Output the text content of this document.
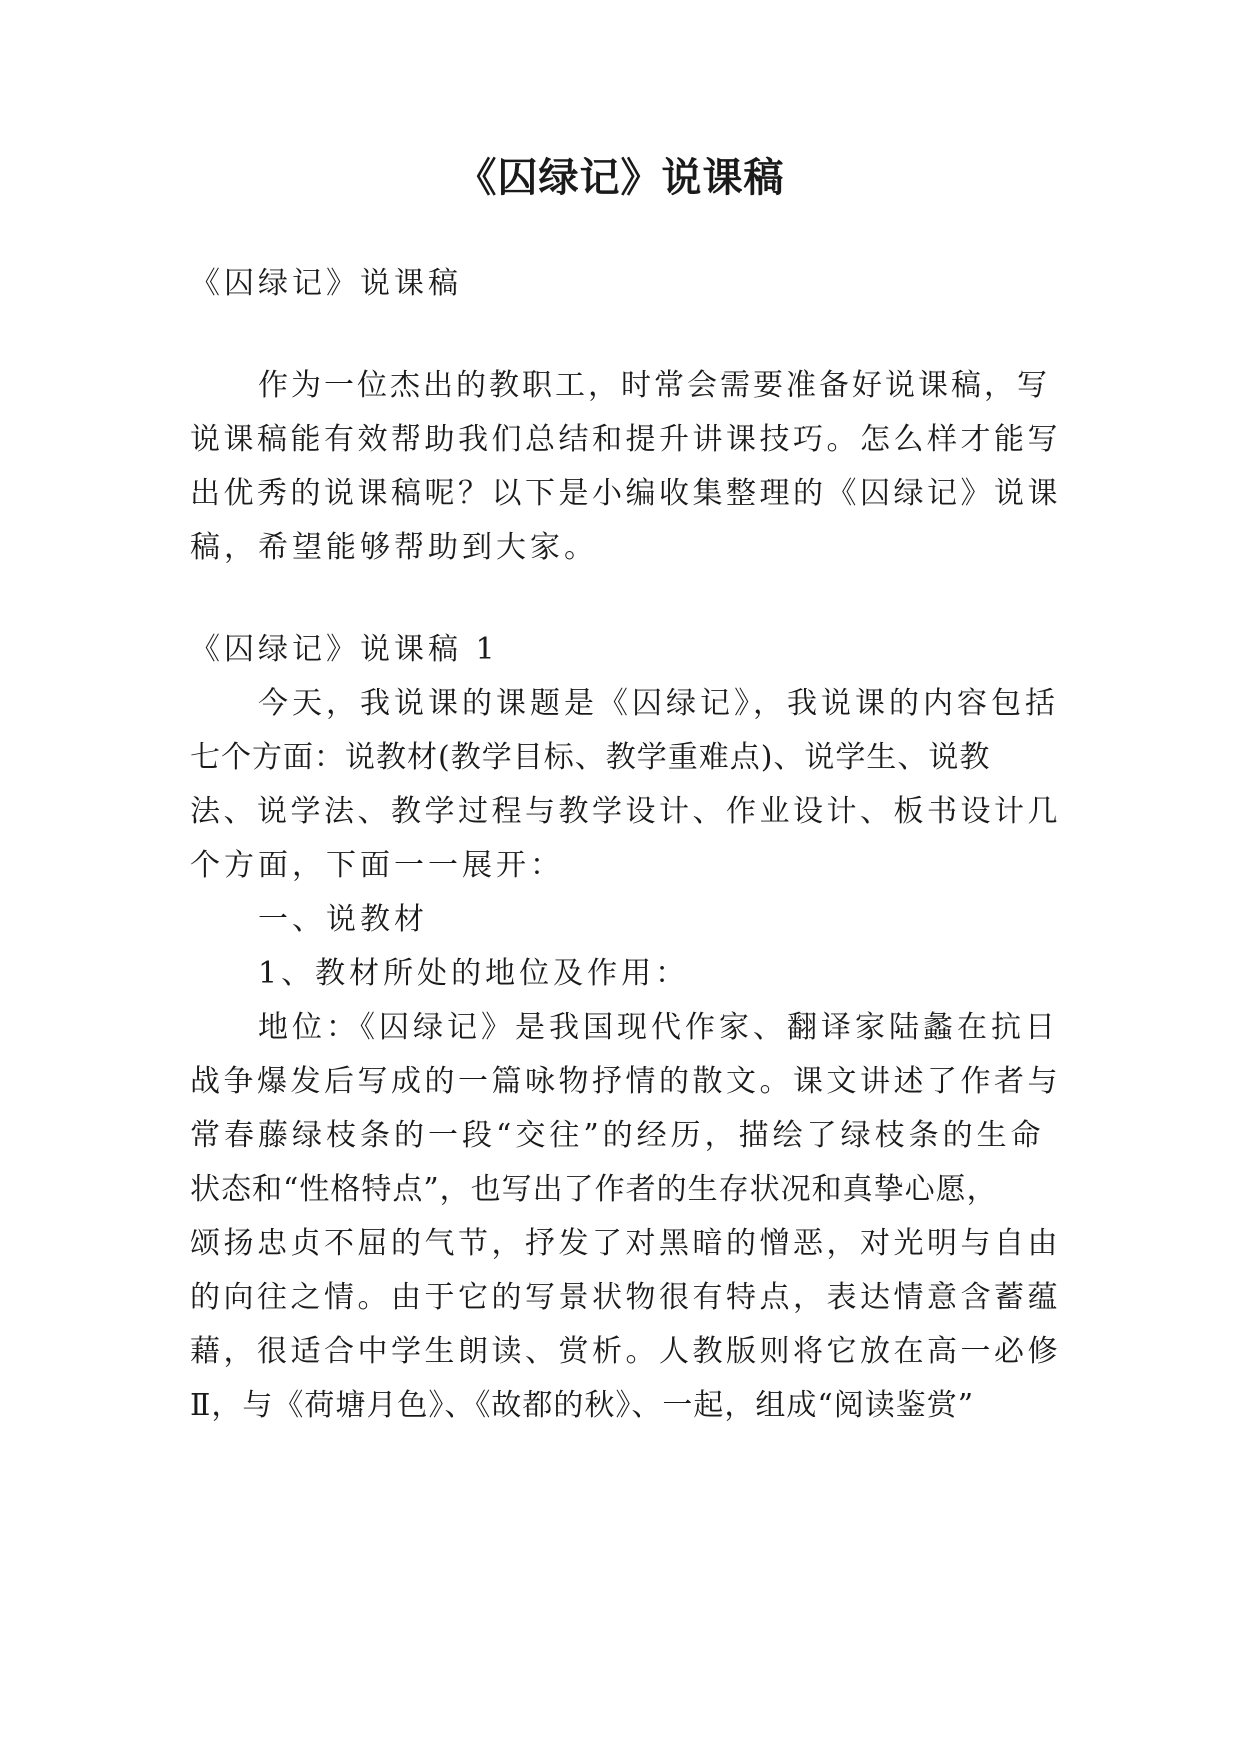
《囚绿记》说课稿

《囚绿记》说课稿

作为一位杰出的教职工，时常会需要准备好说课稿，写

说课稿能有效帮助我们总结和提升讲课技巧。怎么样才能写

出优秀的说课稿呢？以下是小编收集整理的《囚绿记》说课

稿，希望能够帮助到大家。

《囚绿记》说课稿 1

今天，我说课的课题是《囚绿记》，我说课的内容包括

七个方面：说教材(教学目标、教学重难点)、说学生、说教

法、说学法、教学过程与教学设计、作业设计、板书设计几

个方面，下面一一展开：

一、说教材

1、教材所处的地位及作用：

地位：《囚绿记》是我国现代作家、翻译家陆蠡在抗日

战争爆发后写成的一篇咏物抒情的散文。课文讲述了作者与

常春藤绿枝条的一段“交往”的经历，描绘了绿枝条的生命

状态和“性格特点”，也写出了作者的生存状况和真挚心愿，

颂扬忠贞不屈的气节，抒发了对黑暗的憎恶，对光明与自由

的向往之情。由于它的写景状物很有特点，表达情意含蓄蕴

藉，很适合中学生朗读、赏析。人教版则将它放在高一必修

Ⅱ，与《荷塘月色》、《故都的秋》、一起，组成“阅读鉴赏”
